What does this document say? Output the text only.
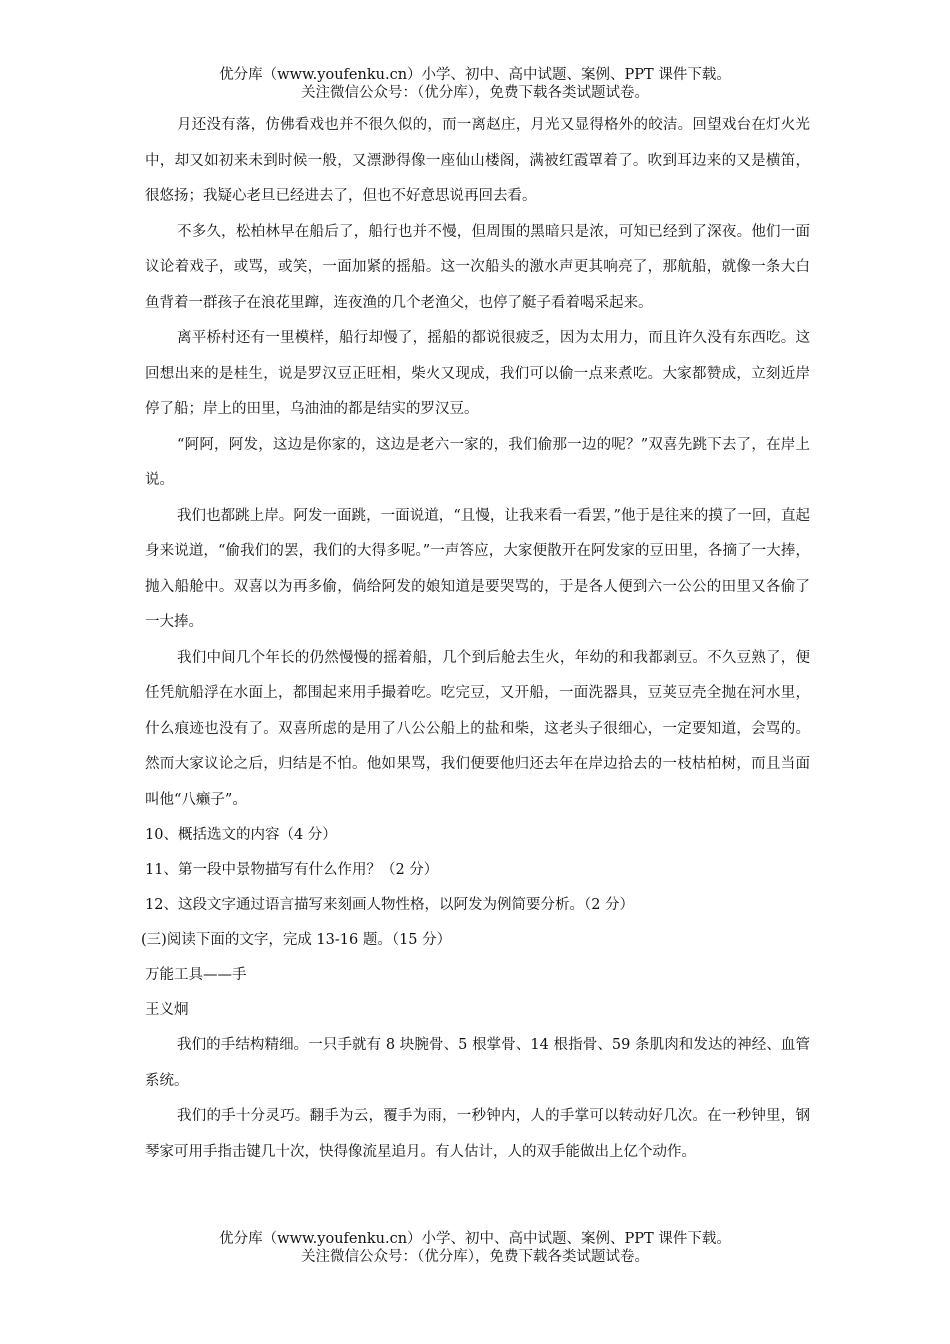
优分库（www.youfenku.cn）小学、初中、高中试题、案例、PPT 课件下载。
关注微信公众号：（优分库），免费下载各类试题试卷。

月还没有落，仿佛看戏也并不很久似的，而一离赵庄，月光又显得格外的皎洁。回望戏台在灯火光中，却又如初来未到时候一般，又漂渺得像一座仙山楼阁，满被红霞罩着了。吹到耳边来的又是横笛，很悠扬；我疑心老旦已经进去了，但也不好意思说再回去看。

不多久，松柏林早在船后了，船行也并不慢，但周围的黑暗只是浓，可知已经到了深夜。他们一面议论着戏子，或骂，或笑，一面加紧的摇船。这一次船头的激水声更其响亮了，那航船，就像一条大白鱼背着一群孩子在浪花里蹿，连夜渔的几个老渔父，也停了艇子看着喝采起来。

离平桥村还有一里模样，船行却慢了，摇船的都说很疲乏，因为太用力，而且许久没有东西吃。这回想出来的是桂生，说是罗汉豆正旺相，柴火又现成，我们可以偷一点来煮吃。大家都赞成，立刻近岸停了船；岸上的田里，乌油油的都是结实的罗汉豆。

“阿阿，阿发，这边是你家的，这边是老六一家的，我们偷那一边的呢？”双喜先跳下去了，在岸上说。

我们也都跳上岸。阿发一面跳，一面说道，“且慢，让我来看一看罢，”他于是往来的摸了一回，直起身来说道，“偷我们的罢，我们的大得多呢。”一声答应，大家便散开在阿发家的豆田里，各摘了一大捧，抛入船舱中。双喜以为再多偷，倘给阿发的娘知道是要哭骂的，于是各人便到六一公公的田里又各偷了一大捧。

我们中间几个年长的仍然慢慢的摇着船，几个到后舱去生火，年幼的和我都剥豆。不久豆熟了，便任凭航船浮在水面上，都围起来用手撮着吃。吃完豆，又开船，一面洗器具，豆荚豆壳全抛在河水里，什么痕迹也没有了。双喜所虑的是用了八公公船上的盐和柴，这老头子很细心，一定要知道，会骂的。然而大家议论之后，归结是不怕。他如果骂，我们便要他归还去年在岸边拾去的一枝枯柏树，而且当面叫他“八癞子”。

10、概括选文的内容（4 分）

11、第一段中景物描写有什么作用？（2 分）

12、这段文字通过语言描写来刻画人物性格，以阿发为例简要分析。（2 分）

(三)阅读下面的文字，完成 13-16 题。（15 分）

万能工具——手

王义炯

我们的手结构精细。一只手就有 8 块腕骨、5 根掌骨、14 根指骨、59 条肌肉和发达的神经、血管系统。

我们的手十分灵巧。翻手为云，覆手为雨，一秒钟内，人的手掌可以转动好几次。在一秒钟里，钢琴家可用手指击键几十次，快得像流星追月。有人估计，人的双手能做出上亿个动作。

优分库（www.youfenku.cn）小学、初中、高中试题、案例、PPT 课件下载。
关注微信公众号：（优分库），免费下载各类试题试卷。
